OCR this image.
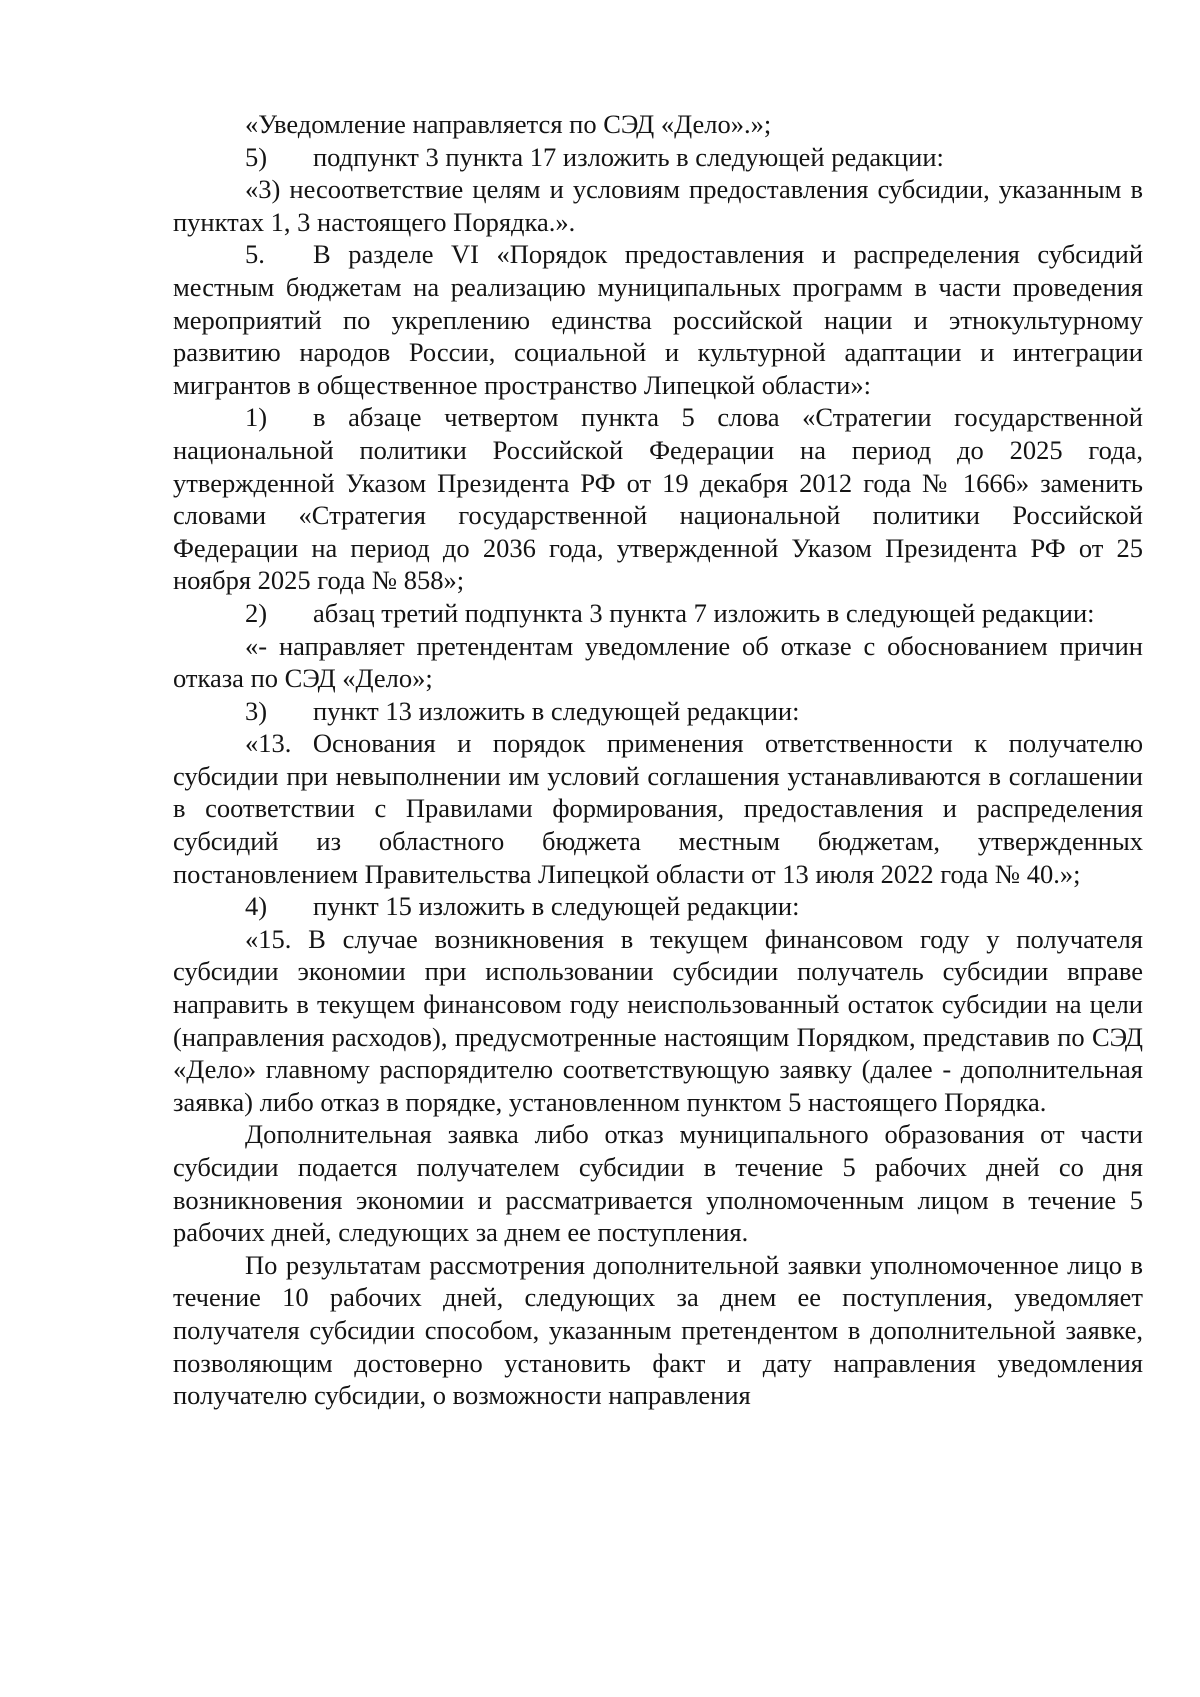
«Уведомление направляется по СЭД «Дело».»;

5) подпункт 3 пункта 17 изложить в следующей редакции:

«3) несоответствие целям и условиям предоставления субсидии, указанным в пунктах 1, 3 настоящего Порядка.».

5. В разделе VI «Порядок предоставления и распределения субсидий местным бюджетам на реализацию муниципальных программ в части проведения мероприятий по укреплению единства российской нации и этнокультурному развитию народов России, социальной и культурной адаптации и интеграции мигрантов в общественное пространство Липецкой области»:

1) в абзаце четвертом пункта 5 слова «Стратегии государственной национальной политики Российской Федерации на период до 2025 года, утвержденной Указом Президента РФ от 19 декабря 2012 года № 1666» заменить словами «Стратегия государственной национальной политики Российской Федерации на период до 2036 года, утвержденной Указом Президента РФ от 25 ноября 2025 года № 858»;

2) абзац третий подпункта 3 пункта 7 изложить в следующей редакции:

«- направляет претендентам уведомление об отказе с обоснованием причин отказа по СЭД «Дело»;

3) пункт 13 изложить в следующей редакции:

«13. Основания и порядок применения ответственности к получателю субсидии при невыполнении им условий соглашения устанавливаются в соглашении в соответствии с Правилами формирования, предоставления и распределения субсидий из областного бюджета местным бюджетам, утвержденных постановлением Правительства Липецкой области от 13 июля 2022 года № 40.»;

4) пункт 15 изложить в следующей редакции:

«15. В случае возникновения в текущем финансовом году у получателя субсидии экономии при использовании субсидии получатель субсидии вправе направить в текущем финансовом году неиспользованный остаток субсидии на цели (направления расходов), предусмотренные настоящим Порядком, представив по СЭД «Дело» главному распорядителю соответствующую заявку (далее - дополнительная заявка) либо отказ в порядке, установленном пунктом 5 настоящего Порядка.

Дополнительная заявка либо отказ муниципального образования от части субсидии подается получателем субсидии в течение 5 рабочих дней со дня возникновения экономии и рассматривается уполномоченным лицом в течение 5 рабочих дней, следующих за днем ее поступления.

По результатам рассмотрения дополнительной заявки уполномоченное лицо в течение 10 рабочих дней, следующих за днем ее поступления, уведомляет получателя субсидии способом, указанным претендентом в дополнительной заявке, позволяющим достоверно установить факт и дату направления уведомления получателю субсидии, о возможности направления
